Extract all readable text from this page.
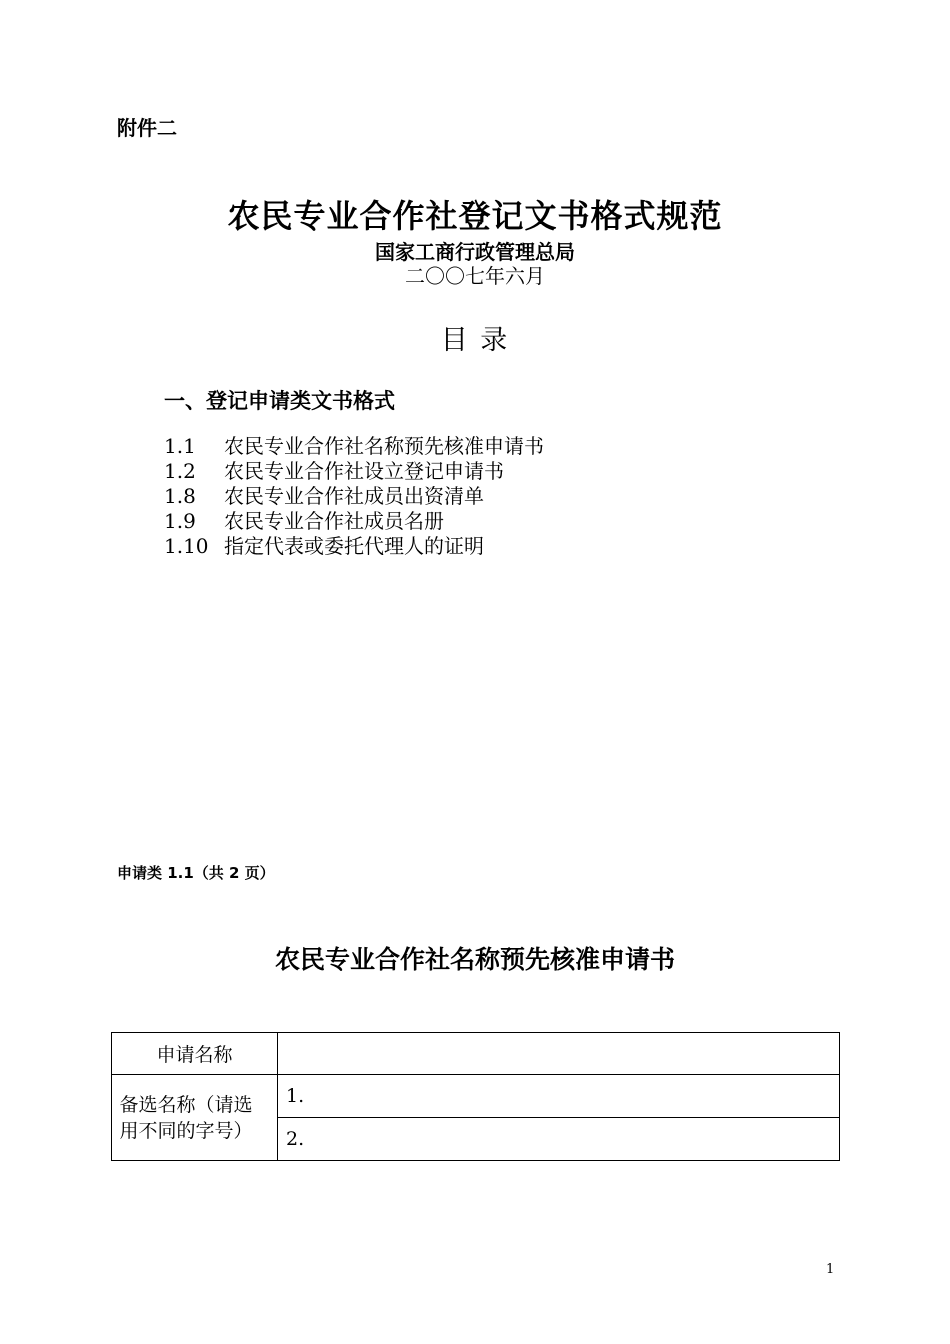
附件二
农民专业合作社登记文书格式规范
国家工商行政管理总局
二〇〇七年六月
目 录
一、登记申请类文书格式
1.1	农民专业合作社名称预先核准申请书
1.2	农民专业合作社设立登记申请书
1.8	农民专业合作社成员出资清单
1.9	农民专业合作社成员名册
1.10 指定代表或委托代理人的证明
申请类 1.1（共 2 页）
农民专业合作社名称预先核准申请书
申请名称	
备选名称（请选用不同的字号）	1.
	2.
1
